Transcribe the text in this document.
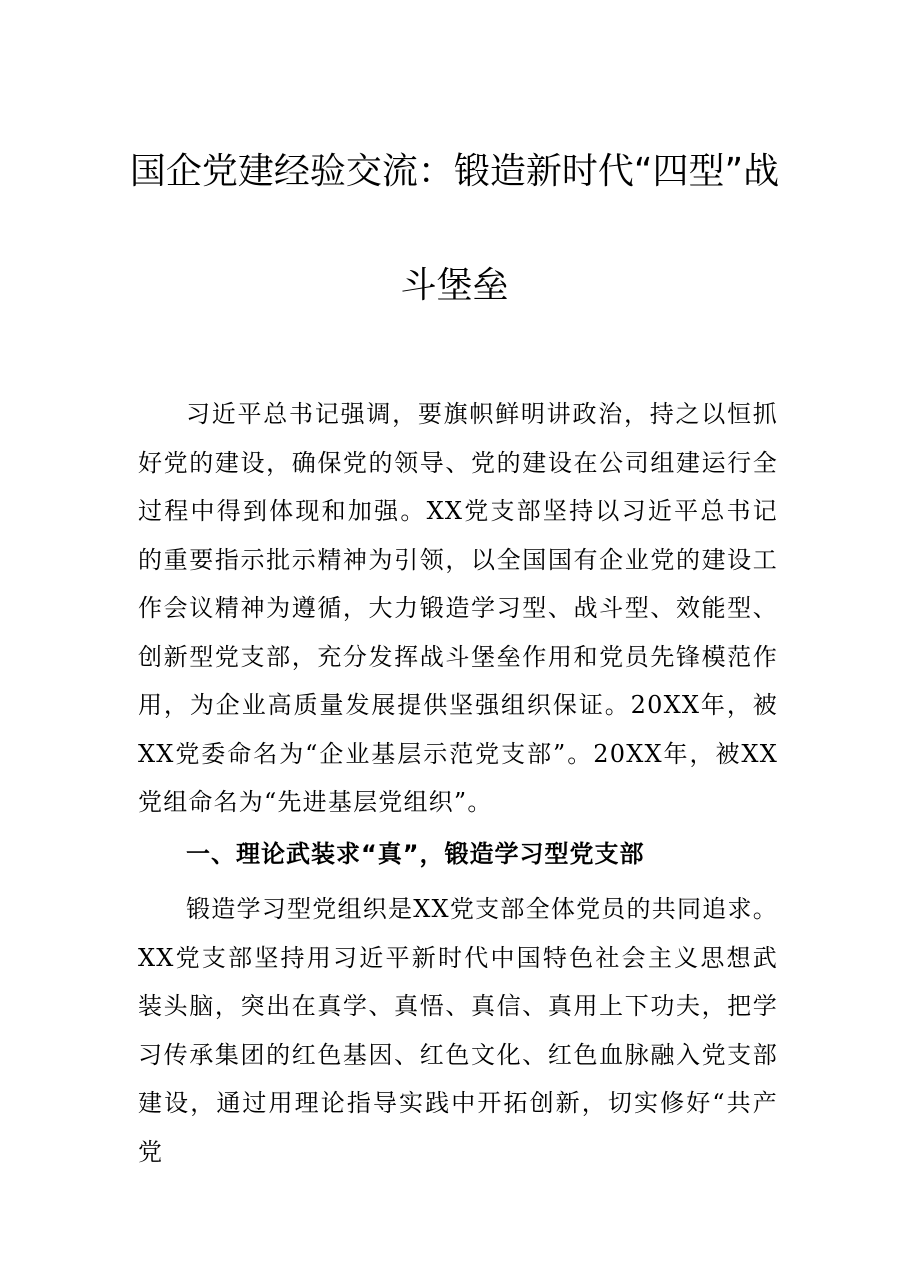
国企党建经验交流：锻造新时代“四型”战
斗堡垒

习近平总书记强调，要旗帜鲜明讲政治，持之以恒抓好党的建设，确保党的领导、党的建设在公司组建运行全过程中得到体现和加强。XX党支部坚持以习近平总书记的重要指示批示精神为引领，以全国国有企业党的建设工作会议精神为遵循，大力锻造学习型、战斗型、效能型、创新型党支部，充分发挥战斗堡垒作用和党员先锋模范作用，为企业高质量发展提供坚强组织保证。20XX年，被XX党委命名为“企业基层示范党支部”。20XX年，被XX党组命名为“先进基层党组织”。

一、理论武装求“真”，锻造学习型党支部

锻造学习型党组织是XX党支部全体党员的共同追求。XX党支部坚持用习近平新时代中国特色社会主义思想武装头脑，突出在真学、真悟、真信、真用上下功夫，把学习传承集团的红色基因、红色文化、红色血脉融入党支部建设，通过用理论指导实践中开拓创新，切实修好“共产党
